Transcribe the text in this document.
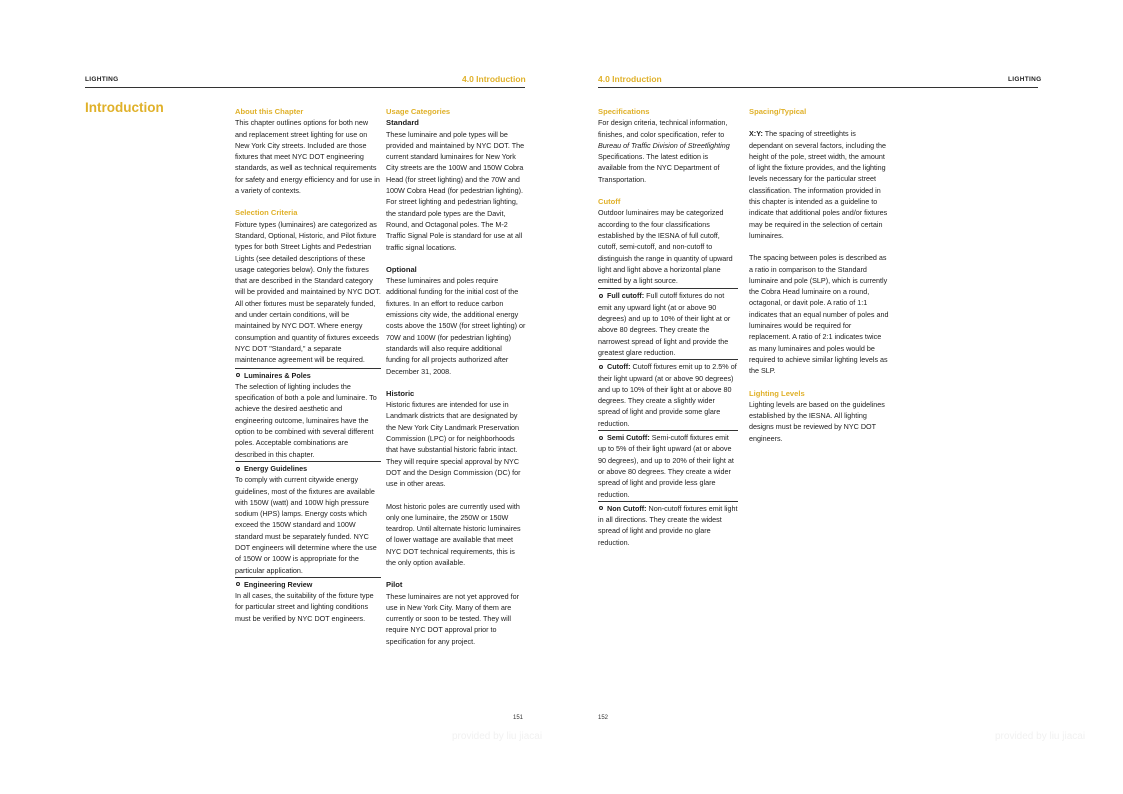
LIGHTING	4.0 Introduction
Introduction	About this Chapter

This chapter outlines options for both new and replacement street lighting for use on New York City streets. Included are those fixtures that meet NYC DOT engineering standards, as well as technical requirements for safety and energy efficiency and for use in a variety of contexts.

Selection Criteria

Fixture types (luminaires) are categorized as Standard, Optional, Historic, and Pilot fixture types for both Street Lights and Pedestrian Lights (see detailed descriptions of these usage categories below). Only the fixtures that are described in the Standard category will be provided and maintained by NYC DOT. All other fixtures must be separately funded, and under certain conditions, will be maintained by NYC DOT. Where energy consumption and quantity of fixtures exceeds NYC DOT "Standard," a separate maintenance agreement will be required.

Luminaires & Poles
The selection of lighting includes the specification of both a pole and luminaire. To achieve the desired aesthetic and engineering outcome, luminaires have the option to be combined with several different poles. Acceptable combinations are described in this chapter.
Energy Guidelines
To comply with current citywide energy guidelines, most of the fixtures are available with 150W (watt) and 100W high pressure sodium (HPS) lamps. Energy costs which exceed the 150W standard and 100W standard must be separately funded. NYC DOT engineers will determine where the use of 150W or 100W is appropriate for the particular application.
Engineering Review
In all cases, the suitability of the fixture type for particular street and lighting conditions must be verified by NYC DOT engineers.
Usage Categories
Standard

These luminaire and pole types will be provided and maintained by NYC DOT. The current standard luminaires for New York City streets are the 100W and 150W Cobra Head (for street lighting) and the 70W and 100W Cobra Head (for pedestrian lighting). For street lighting and pedestrian lighting, the standard pole types are the Davit, Round, and Octagonal poles. The M-2 Traffic Signal Pole is standard for use at all traffic signal locations.

Optional

These luminaires and poles require additional funding for the initial cost of the fixtures. In an effort to reduce carbon emissions city wide, the additional energy costs above the 150W (for street lighting) or 70W and 100W (for pedestrian lighting) standards will also require additional funding for all projects authorized after December 31, 2008.

Historic

Historic fixtures are intended for use in Landmark districts that are designated by the New York City Landmark Preservation Commission (LPC) or for neighborhoods that have substantial historic fabric intact. They will require special approval by NYC DOT and the Design Commission (DC) for use in other areas.

Most historic poles are currently used with only one luminaire, the 250W or 150W teardrop. Until alternate historic luminaires of lower wattage are available that meet NYC DOT technical requirements, this is the only option available.

Pilot

These luminaires are not yet approved for use in New York City. Many of them are currently or soon to be tested. They will require NYC DOT approval prior to specification for any project.

151
provided by liu jiacai
4.0 Introduction	LIGHTING
Specifications

For design criteria, technical information, finishes, and color specification, refer to Bureau of Traffic Division of Streetlighting Specifications. The latest edition is available from the NYC Department of Transportation.

Cutoff

Outdoor luminaires may be categorized according to the four classifications established by the IESNA of full cutoff, cutoff, semi-cutoff, and non-cutoff to distinguish the range in quantity of upward light and light above a horizontal plane emitted by a light source.

Full cutoff: Full cutoff fixtures do not emit any upward light (at or above 90 degrees) and up to 10% of their light at or above 80 degrees. They create the narrowest spread of light and provide the greatest glare reduction.
Cutoff: Cutoff fixtures emit up to 2.5% of their light upward (at or above 90 degrees) and up to 10% of their light at or above 80 degrees. They create a slightly wider spread of light and provide some glare reduction.
Semi Cutoff: Semi-cutoff fixtures emit up to 5% of their light upward (at or above 90 degrees), and up to 20% of their light at or above 80 degrees. They create a wider spread of light and provide less glare reduction.
Non Cutoff: Non-cutoff fixtures emit light in all directions. They create the widest spread of light and provide no glare reduction.
Spacing/Typical

X:Y: The spacing of streetlights is dependant on several factors, including the height of the pole, street width, the amount of light the fixture provides, and the lighting levels necessary for the particular street classification. The information provided in this chapter is intended as a guideline to indicate that additional poles and/or fixtures may be required in the selection of certain luminaires.

The spacing between poles is described as a ratio in comparison to the Standard luminaire and pole (SLP), which is currently the Cobra Head luminaire on a round, octagonal, or davit pole. A ratio of 1:1 indicates that an equal number of poles and luminaires would be required for replacement. A ratio of 2:1 indicates twice as many luminaires and poles would be required to achieve similar lighting levels as the SLP.

Lighting Levels

Lighting levels are based on the guidelines established by the IESNA. All lighting designs must be reviewed by NYC DOT engineers.

152
provided by liu jiacai
